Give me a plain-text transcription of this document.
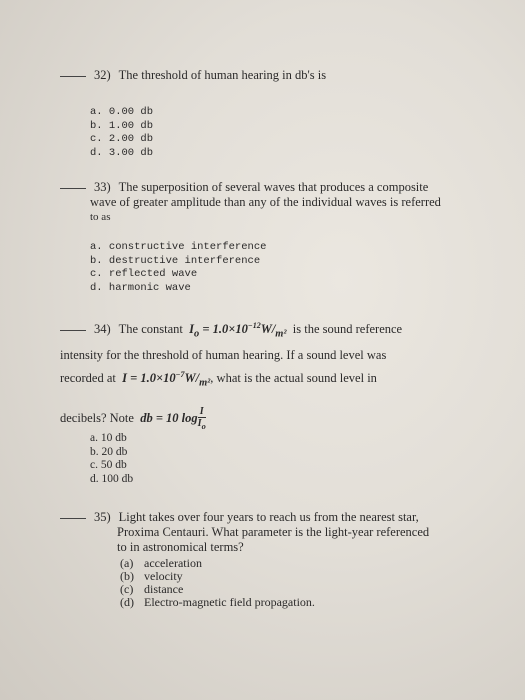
32) The threshold of human hearing in db's is
a. 0.00 db
b. 1.00 db
c. 2.00 db
d. 3.00 db
33) The superposition of several waves that produces a composite
wave of greater amplitude than any of the individual waves is referred
to as
a. constructive interference
b. destructive interference
c. reflected wave
d. harmonic wave
34) The constant  $I_o = 1.0\times 10^{-12}W/_{m^2}$ is the sound reference
intensity for the threshold of human hearing. If a sound level was
recorded at  $I = 1.0\times 10^{-7}W/_{m^2}$, what is the actual sound level in
decibels? Note  db = 10 $\log \frac{I}{I_o}$
a. 10 db
b. 20 db
c. 50 db
d. 100 db
35) Light takes over four years to reach us from the nearest star,
Proxima Centauri. What parameter is the light-year referenced
to in astronomical terms?
(a) acceleration
(b) velocity
(c) distance
(d) Electro-magnetic field propagation.
